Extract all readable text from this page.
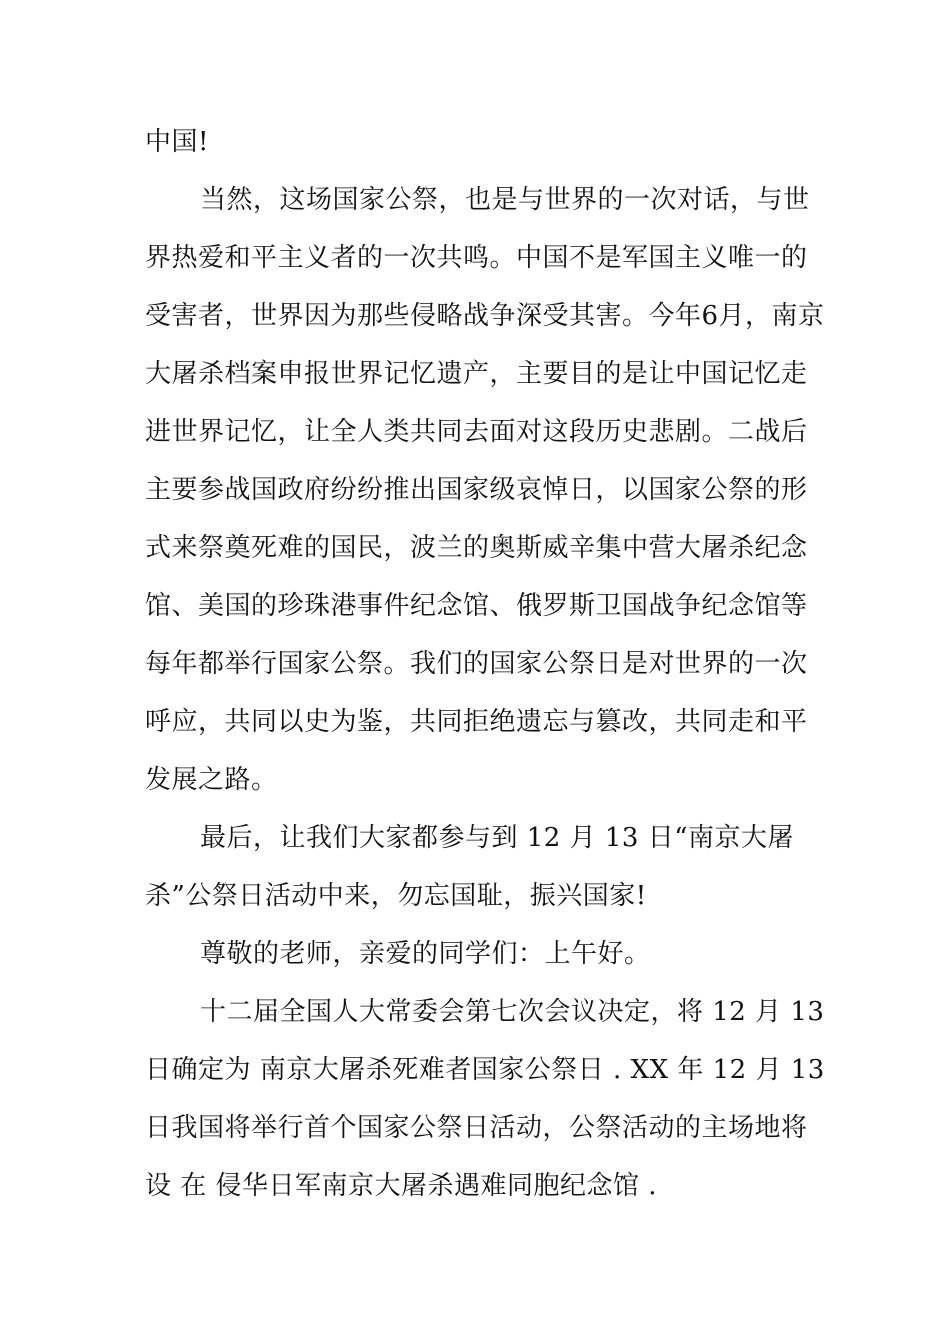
中国!
当然，这场国家公祭，也是与世界的一次对话，与世
界热爱和平主义者的一次共鸣。中国不是军国主义唯一的
受害者，世界因为那些侵略战争深受其害。今年6月，南京
大屠杀档案申报世界记忆遗产，主要目的是让中国记忆走
进世界记忆，让全人类共同去面对这段历史悲剧。二战后
主要参战国政府纷纷推出国家级哀悼日，以国家公祭的形
式来祭奠死难的国民，波兰的奥斯威辛集中营大屠杀纪念
馆、美国的珍珠港事件纪念馆、俄罗斯卫国战争纪念馆等
每年都举行国家公祭。我们的国家公祭日是对世界的一次
呼应，共同以史为鉴，共同拒绝遗忘与篡改，共同走和平
发展之路。
最后，让我们大家都参与到 12 月 13 日“南京大屠
杀”公祭日活动中来，勿忘国耻，振兴国家!
尊敬的老师，亲爱的同学们：上午好。
十二届全国人大常委会第七次会议决定，将 12 月 13
日确定为 南京大屠杀死难者国家公祭日 . XX 年 12 月 13
日我国将举行首个国家公祭日活动，公祭活动的主场地将
设 在 侵华日军南京大屠杀遇难同胞纪念馆 .
